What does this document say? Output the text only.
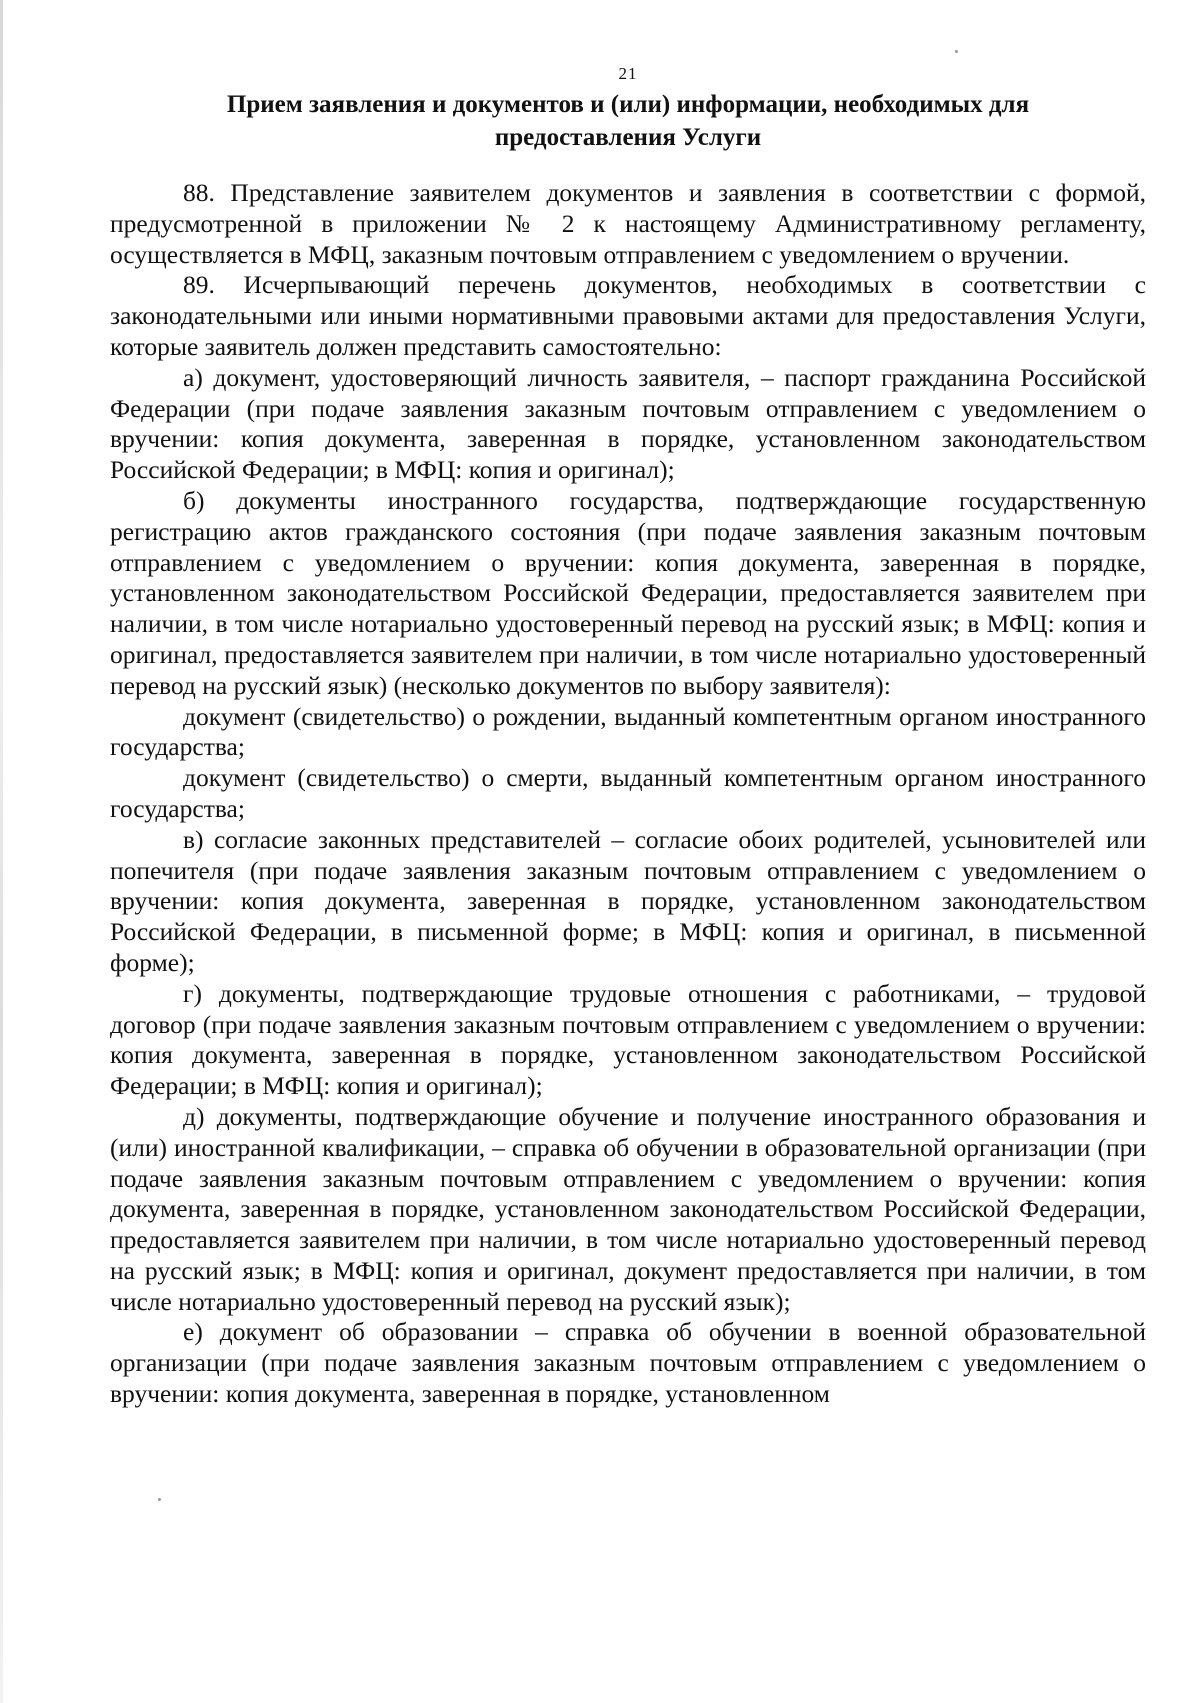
21
Прием заявления и документов и (или) информации, необходимых для
предоставления Услуги

88. Представление заявителем документов и заявления в соответствии с формой, предусмотренной в приложении № 2 к настоящему Административному регламенту, осуществляется в МФЦ, заказным почтовым отправлением с уведомлением о вручении.

89. Исчерпывающий перечень документов, необходимых в соответствии с законодательными или иными нормативными правовыми актами для предоставления Услуги, которые заявитель должен представить самостоятельно:

а) документ, удостоверяющий личность заявителя, – паспорт гражданина Российской Федерации (при подаче заявления заказным почтовым отправлением с уведомлением о вручении: копия документа, заверенная в порядке, установленном законодательством Российской Федерации; в МФЦ: копия и оригинал);

б) документы иностранного государства, подтверждающие государственную регистрацию актов гражданского состояния (при подаче заявления заказным почтовым отправлением с уведомлением о вручении: копия документа, заверенная в порядке, установленном законодательством Российской Федерации, предоставляется заявителем при наличии, в том числе нотариально удостоверенный перевод на русский язык; в МФЦ: копия и оригинал, предоставляется заявителем при наличии, в том числе нотариально удостоверенный перевод на русский язык) (несколько документов по выбору заявителя):

документ (свидетельство) о рождении, выданный компетентным органом иностранного государства;

документ (свидетельство) о смерти, выданный компетентным органом иностранного государства;

в) согласие законных представителей – согласие обоих родителей, усыновителей или попечителя (при подаче заявления заказным почтовым отправлением с уведомлением о вручении: копия документа, заверенная в порядке, установленном законодательством Российской Федерации, в письменной форме; в МФЦ: копия и оригинал, в письменной форме);

г) документы, подтверждающие трудовые отношения с работниками, – трудовой договор (при подаче заявления заказным почтовым отправлением с уведомлением о вручении: копия документа, заверенная в порядке, установленном законодательством Российской Федерации; в МФЦ: копия и оригинал);

д) документы, подтверждающие обучение и получение иностранного образования и (или) иностранной квалификации, – справка об обучении в образовательной организации (при подаче заявления заказным почтовым отправлением с уведомлением о вручении: копия документа, заверенная в порядке, установленном законодательством Российской Федерации, предоставляется заявителем при наличии, в том числе нотариально удостоверенный перевод на русский язык; в МФЦ: копия и оригинал, документ предоставляется при наличии, в том числе нотариально удостоверенный перевод на русский язык);

е) документ об образовании – справка об обучении в военной образовательной организации (при подаче заявления заказным почтовым отправлением с уведомлением о вручении: копия документа, заверенная в порядке, установленном
